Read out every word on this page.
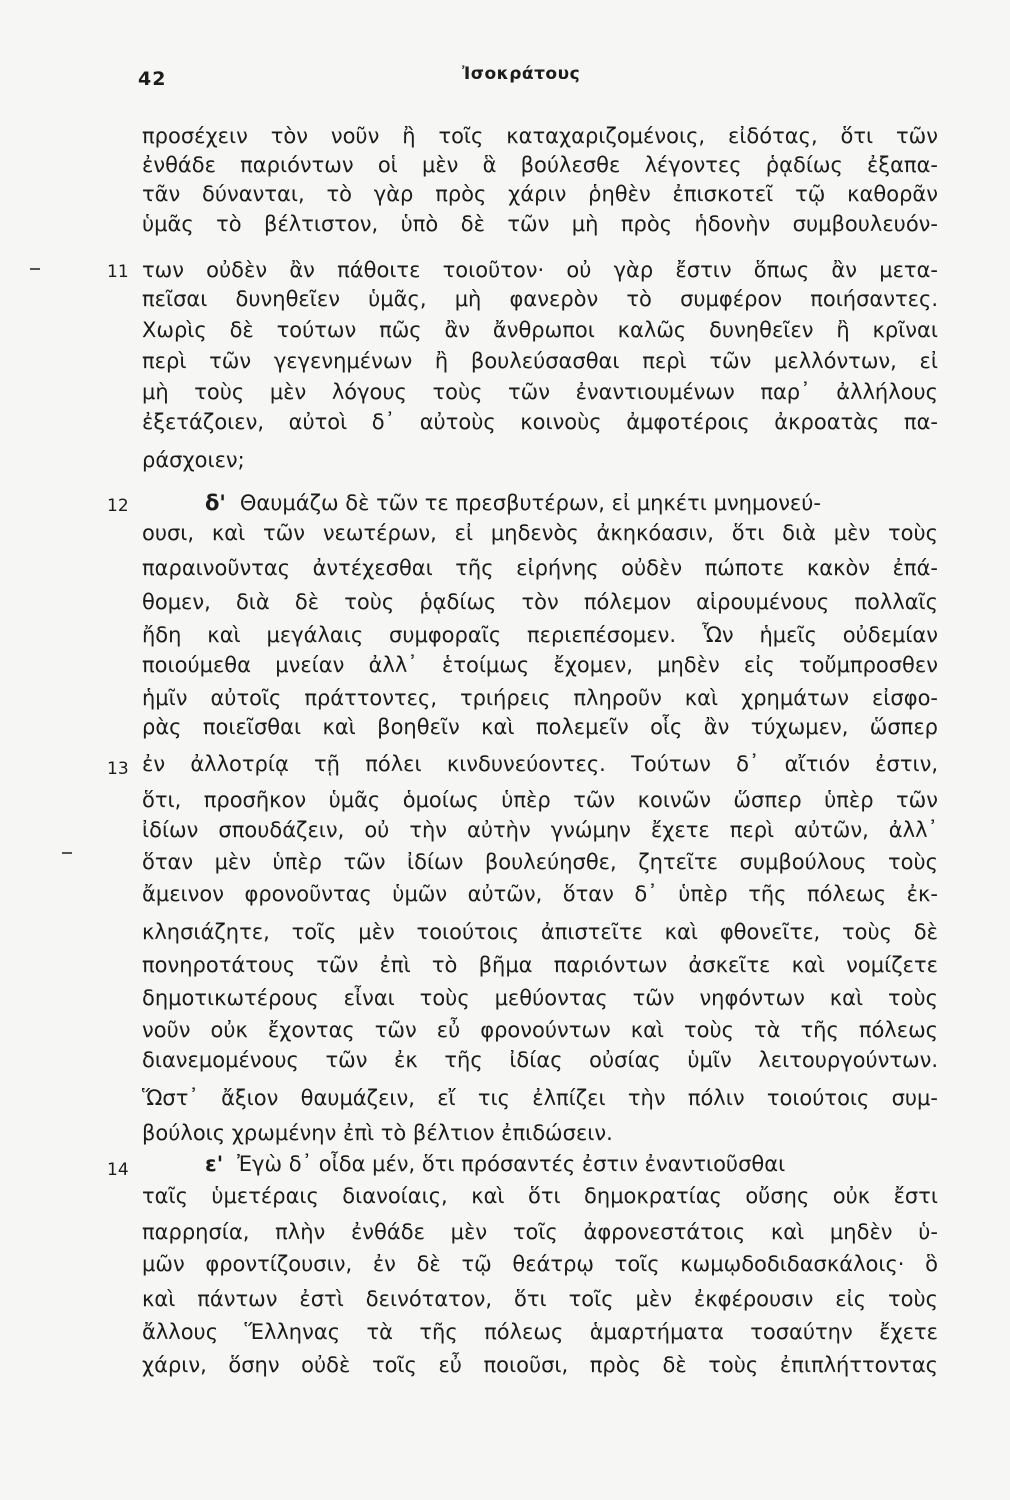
42	Ἰσοκράτους
11
12
13
14
προσέχειν τὸν νοῦν ἢ τοῖς καταχαριζομένοις, εἰδότας, ὅτι τῶν
ἐνθάδε παριόντων οἱ μὲν ἃ βούλεσθε λέγοντες ῥᾳδίως ἐξαπα-
τᾶν δύνανται, τὸ γὰρ πρὸς χάριν ῥηθὲν ἐπισκοτεῖ τῷ καθορᾶν
ὑμᾶς τὸ βέλτιστον, ὑπὸ δὲ τῶν μὴ πρὸς ἡδονὴν συμβουλευόν-
των οὐδὲν ἂν πάθοιτε τοιοῦτον· οὐ γὰρ ἔστιν ὅπως ἂν μετα-
πεῖσαι δυνηθεῖεν ὑμᾶς, μὴ φανερὸν τὸ συμφέρον ποιήσαντες.
Χωρὶς δὲ τούτων πῶς ἂν ἄνθρωποι καλῶς δυνηθεῖεν ἢ κρῖναι
περὶ τῶν γεγενημένων ἢ βουλεύσασθαι περὶ τῶν μελλόντων, εἰ
μὴ τοὺς μὲν λόγους τοὺς τῶν ἐναντιουμένων παρ᾽ ἀλλήλους
ἐξετάζοιεν, αὐτοὶ δ᾽ αὐτοὺς κοινοὺς ἀμφοτέροις ἀκροατὰς πα-
ράσχοιεν;
δ' Θαυμάζω δὲ τῶν τε πρεσβυτέρων, εἰ μηκέτι μνημονεύ-
ουσι, καὶ τῶν νεωτέρων, εἰ μηδενὸς ἀκηκόασιν, ὅτι διὰ μὲν τοὺς
παραινοῦντας ἀντέχεσθαι τῆς εἰρήνης οὐδὲν πώποτε κακὸν ἐπά-
θομεν, διὰ δὲ τοὺς ῥᾳδίως τὸν πόλεμον αἱρουμένους πολλαῖς
ἤδη καὶ μεγάλαις συμφοραῖς περιεπέσομεν. Ὧν ἡμεῖς οὐδεμίαν
ποιούμεθα μνείαν ἀλλ᾽ ἑτοίμως ἔχομεν, μηδὲν εἰς τοὔμπροσθεν
ἡμῖν αὐτοῖς πράττοντες, τριήρεις πληροῦν καὶ χρημάτων εἰσφο-
ρὰς ποιεῖσθαι καὶ βοηθεῖν καὶ πολεμεῖν οἷς ἂν τύχωμεν, ὥσπερ
ἐν ἀλλοτρίᾳ τῇ πόλει κινδυνεύοντες. Τούτων δ᾽ αἴτιόν ἐστιν,
ὅτι, προσῆκον ὑμᾶς ὁμοίως ὑπὲρ τῶν κοινῶν ὥσπερ ὑπὲρ τῶν
ἰδίων σπουδάζειν, οὐ τὴν αὐτὴν γνώμην ἔχετε περὶ αὐτῶν, ἀλλ᾽
ὅταν μὲν ὑπὲρ τῶν ἰδίων βουλεύησθε, ζητεῖτε συμβούλους τοὺς
ἄμεινον φρονοῦντας ὑμῶν αὐτῶν, ὅταν δ᾽ ὑπὲρ τῆς πόλεως ἐκ-
κλησιάζητε, τοῖς μὲν τοιούτοις ἀπιστεῖτε καὶ φθονεῖτε, τοὺς δὲ
πονηροτάτους τῶν ἐπὶ τὸ βῆμα παριόντων ἀσκεῖτε καὶ νομίζετε
δημοτικωτέρους εἶναι τοὺς μεθύοντας τῶν νηφόντων καὶ τοὺς
νοῦν οὐκ ἔχοντας τῶν εὖ φρονούντων καὶ τοὺς τὰ τῆς πόλεως
διανεμομένους τῶν ἐκ τῆς ἰδίας οὐσίας ὑμῖν λειτουργούντων.
Ὥστ᾽ ἄξιον θαυμάζειν, εἴ τις ἐλπίζει τὴν πόλιν τοιούτοις συμ-
βούλοις χρωμένην ἐπὶ τὸ βέλτιον ἐπιδώσειν.
ε' Ἐγὼ δ᾽ οἶδα μέν, ὅτι πρόσαντές ἐστιν ἐναντιοῦσθαι
ταῖς ὑμετέραις διανοίαις, καὶ ὅτι δημοκρατίας οὔσης οὐκ ἔστι
παρρησία, πλὴν ἐνθάδε μὲν τοῖς ἀφρονεστάτοις καὶ μηδὲν ὑ-
μῶν φροντίζουσιν, ἐν δὲ τῷ θεάτρῳ τοῖς κωμῳδοδιδασκάλοις· ὃ
καὶ πάντων ἐστὶ δεινότατον, ὅτι τοῖς μὲν ἐκφέρουσιν εἰς τοὺς
ἄλλους Ἕλληνας τὰ τῆς πόλεως ἁμαρτήματα τοσαύτην ἔχετε
χάριν, ὅσην οὐδὲ τοῖς εὖ ποιοῦσι, πρὸς δὲ τοὺς ἐπιπλήττοντας
